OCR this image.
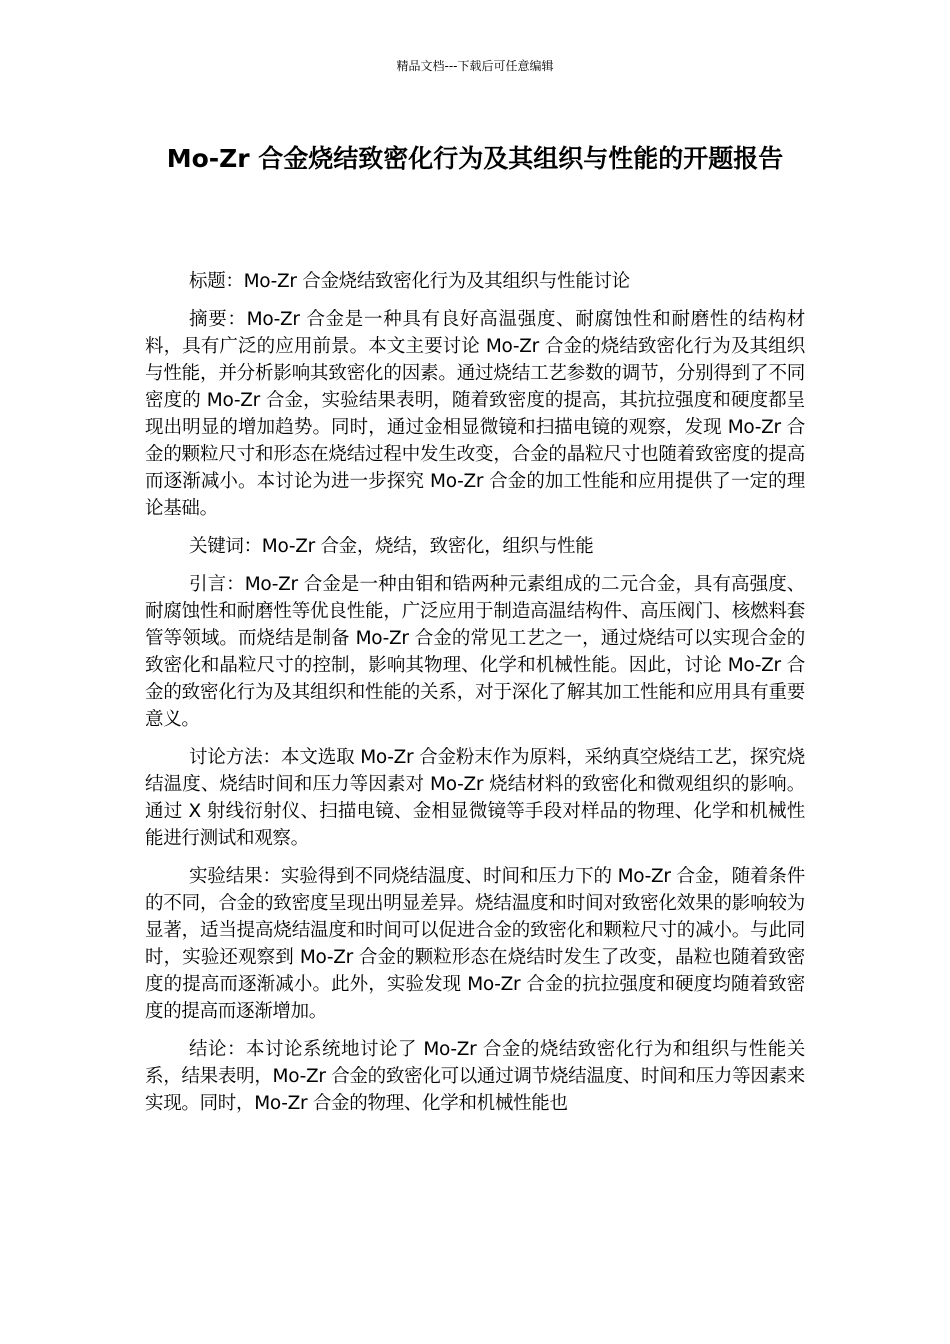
精品文档---下载后可任意编辑
Mo-Zr 合金烧结致密化行为及其组织与性能的开题报告

标题：Mo-Zr 合金烧结致密化行为及其组织与性能讨论

摘要：Mo-Zr 合金是一种具有良好高温强度、耐腐蚀性和耐磨性的结构材料，具有广泛的应用前景。本文主要讨论 Mo-Zr 合金的烧结致密化行为及其组织与性能，并分析影响其致密化的因素。通过烧结工艺参数的调节，分别得到了不同密度的 Mo-Zr 合金，实验结果表明，随着致密度的提高，其抗拉强度和硬度都呈现出明显的增加趋势。同时，通过金相显微镜和扫描电镜的观察，发现 Mo-Zr 合金的颗粒尺寸和形态在烧结过程中发生改变，合金的晶粒尺寸也随着致密度的提高而逐渐减小。本讨论为进一步探究 Mo-Zr 合金的加工性能和应用提供了一定的理论基础。

关键词：Mo-Zr 合金，烧结，致密化，组织与性能

引言：Mo-Zr 合金是一种由钼和锆两种元素组成的二元合金，具有高强度、耐腐蚀性和耐磨性等优良性能，广泛应用于制造高温结构件、高压阀门、核燃料套管等领域。而烧结是制备 Mo-Zr 合金的常见工艺之一，通过烧结可以实现合金的致密化和晶粒尺寸的控制，影响其物理、化学和机械性能。因此，讨论 Mo-Zr 合金的致密化行为及其组织和性能的关系，对于深化了解其加工性能和应用具有重要意义。

讨论方法：本文选取 Mo-Zr 合金粉末作为原料，采纳真空烧结工艺，探究烧结温度、烧结时间和压力等因素对 Mo-Zr 烧结材料的致密化和微观组织的影响。通过 X 射线衍射仪、扫描电镜、金相显微镜等手段对样品的物理、化学和机械性能进行测试和观察。

实验结果：实验得到不同烧结温度、时间和压力下的 Mo-Zr 合金，随着条件的不同，合金的致密度呈现出明显差异。烧结温度和时间对致密化效果的影响较为显著，适当提高烧结温度和时间可以促进合金的致密化和颗粒尺寸的减小。与此同时，实验还观察到 Mo-Zr 合金的颗粒形态在烧结时发生了改变，晶粒也随着致密度的提高而逐渐减小。此外，实验发现 Mo-Zr 合金的抗拉强度和硬度均随着致密度的提高而逐渐增加。

结论：本讨论系统地讨论了 Mo-Zr 合金的烧结致密化行为和组织与性能关系，结果表明，Mo-Zr 合金的致密化可以通过调节烧结温度、时间和压力等因素来实现。同时，Mo-Zr 合金的物理、化学和机械性能也
